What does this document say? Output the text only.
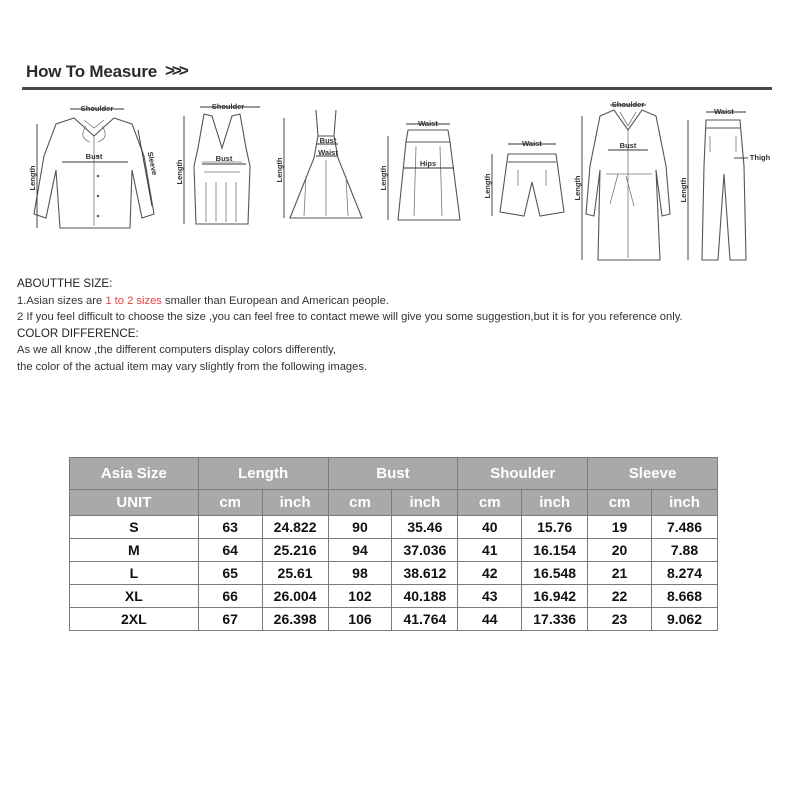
How To Measure >>>
Shoulder
Bust
Length
Sleeve
Shoulder
Bust
Length
Bust
Waist
Length
Waist
Hips
Length
Waist
Length
Shoulder
Bust
Length
Waist
Thigh
Length
ABOUTTHE SIZE:
1.Asian sizes are 1 to 2 sizes smaller than European and American people.
2 If you feel difficult to choose the size ,you can feel free to contact mewe will give you some suggestion,but it is for you reference only.
COLOR DIFFERENCE:
As we all know ,the different computers display colors differently,
the color of the actual item may vary slightly from the following images.
Asia Size	Length		Bust		Shoulder		Sleeve	
UNIT	cm	inch	cm	inch	cm	inch	cm	inch
S	63	24.822	90	35.46	40	15.76	19	7.486
M	64	25.216	94	37.036	41	16.154	20	7.88
L	65	25.61	98	38.612	42	16.548	21	8.274
XL	66	26.004	102	40.188	43	16.942	22	8.668
2XL	67	26.398	106	41.764	44	17.336	23	9.062
